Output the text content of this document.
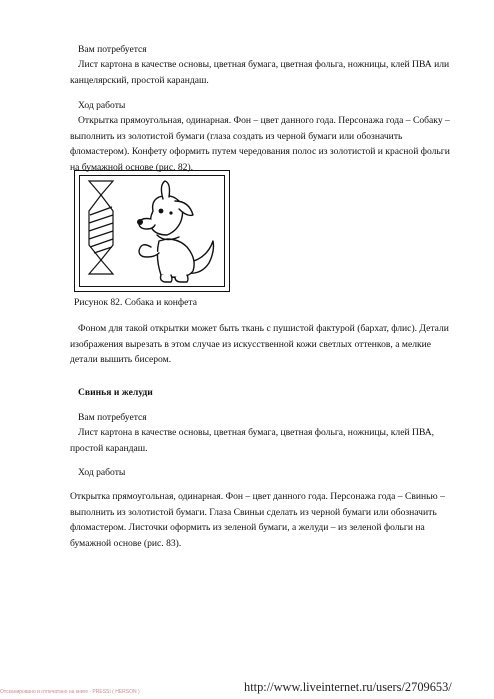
Вам потребуется

Лист картона в качестве основы, цветная бумага, цветная фольга, ножницы, клей ПВА или канцелярский, простой карандаш.

Ход работы

Открытка прямоугольная, одинарная. Фон – цвет данного года. Персонажа года – Собаку – выполнить из золотистой бумаги (глаза создать из черной бумаги или обозначить фломастером). Конфету оформить путем чередования полос из золотистой и красной фольги на бумажной основе (рис. 82).

Рисунок 82. Собака и конфета

Фоном для такой открытки может быть ткань с пушистой фактурой (бархат, флис). Детали изображения вырезать в этом случае из искусственной кожи светлых оттенков, а мелкие детали вышить бисером.

Свинья и желуди

Вам потребуется

Лист картона в качестве основы, цветная бумага, цветная фольга, ножницы, клей ПВА, простой карандаш.

Ход работы

Открытка прямоугольная, одинарная. Фон – цвет данного года. Персонажа года – Свинью – выполнить из золотистой бумаги. Глаза Свиньи сделать из черной бумаги или обозначить фломастером. Листочки оформить из зеленой бумаги, а желуди – из зеленой фольги на бумажной основе (рис. 83).

Отсканировано и отпечатано на книге · PRESSI ( HERSON )	http://www.liveinternet.ru/users/2709653/
